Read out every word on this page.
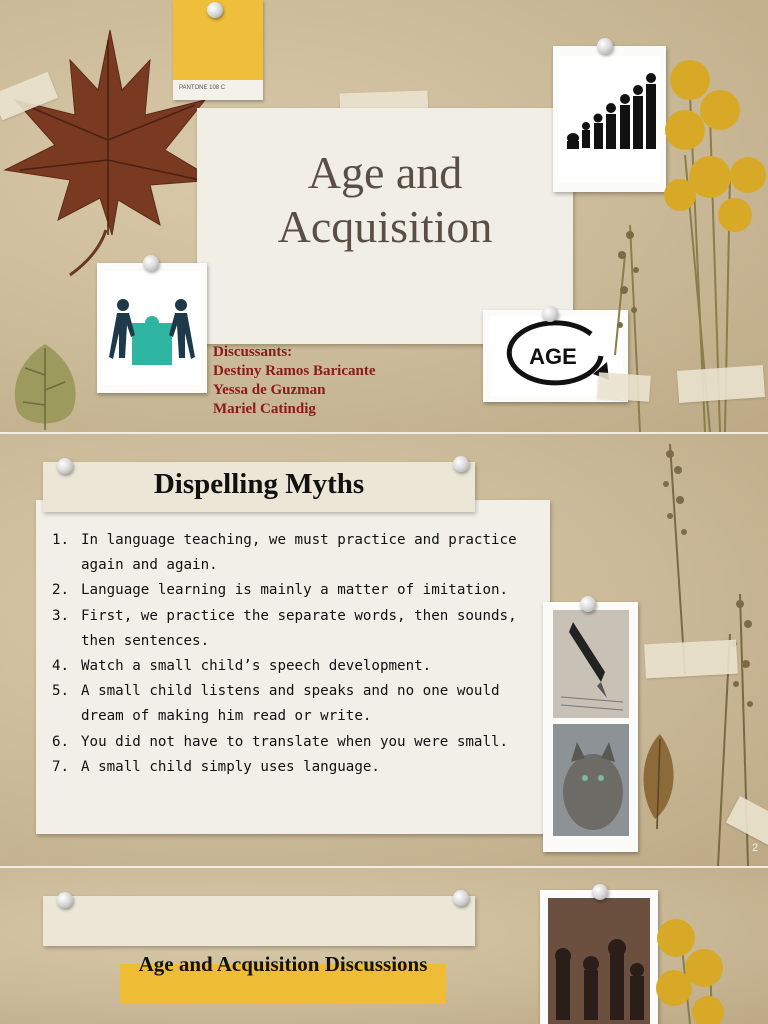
PANTONE 108 C
Age and Acquisition
AGE
Discussants:
Destiny Ramos Baricante
Yessa de Guzman
Mariel Catindig
Dispelling Myths
1. In language teaching, we must practice and practice again and again.
2. Language learning is mainly a matter of imitation.
3. First, we practice the separate words, then sounds, then sentences.
4. Watch a small child’s speech development.
5. A small child listens and speaks and no one would dream of making him read or write.
6. You did not have to translate when you were small.
7. A small child simply uses language.
2
Age and Acquisition Discussions
